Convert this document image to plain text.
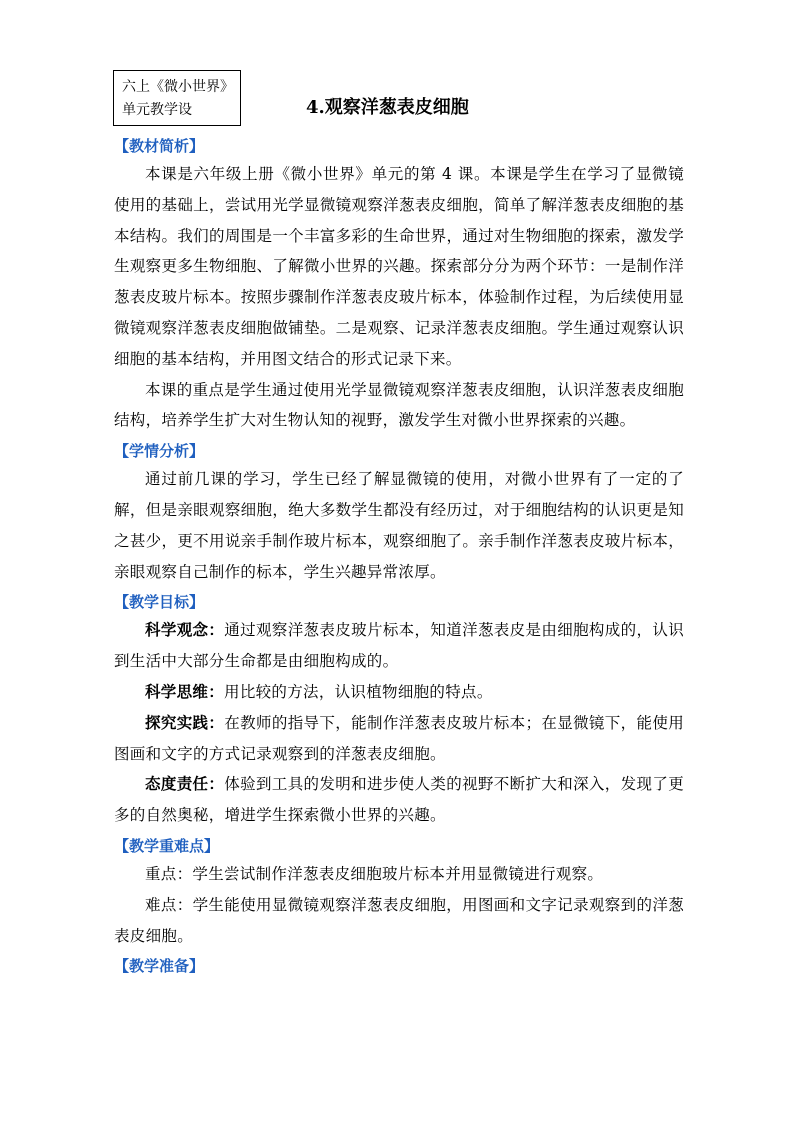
六上《微小世界》单元教学设	4.观察洋葱表皮细胞
【教材简析】

本课是六年级上册《微小世界》单元的第 4 课。本课是学生在学习了显微镜使用的基础上，尝试用光学显微镜观察洋葱表皮细胞，简单了解洋葱表皮细胞的基本结构。我们的周围是一个丰富多彩的生命世界，通过对生物细胞的探索，激发学生观察更多生物细胞、了解微小世界的兴趣。探索部分分为两个环节：一是制作洋葱表皮玻片标本。按照步骤制作洋葱表皮玻片标本，体验制作过程，为后续使用显微镜观察洋葱表皮细胞做铺垫。二是观察、记录洋葱表皮细胞。学生通过观察认识细胞的基本结构，并用图文结合的形式记录下来。

本课的重点是学生通过使用光学显微镜观察洋葱表皮细胞，认识洋葱表皮细胞结构，培养学生扩大对生物认知的视野，激发学生对微小世界探索的兴趣。

【学情分析】

通过前几课的学习，学生已经了解显微镜的使用，对微小世界有了一定的了解，但是亲眼观察细胞，绝大多数学生都没有经历过，对于细胞结构的认识更是知之甚少，更不用说亲手制作玻片标本，观察细胞了。亲手制作洋葱表皮玻片标本，亲眼观察自己制作的标本，学生兴趣异常浓厚。

【教学目标】

科学观念：通过观察洋葱表皮玻片标本，知道洋葱表皮是由细胞构成的，认识到生活中大部分生命都是由细胞构成的。

科学思维：用比较的方法，认识植物细胞的特点。

探究实践：在教师的指导下，能制作洋葱表皮玻片标本；在显微镜下，能使用图画和文字的方式记录观察到的洋葱表皮细胞。

态度责任：体验到工具的发明和进步使人类的视野不断扩大和深入，发现了更多的自然奥秘，增进学生探索微小世界的兴趣。

【教学重难点】

重点：学生尝试制作洋葱表皮细胞玻片标本并用显微镜进行观察。

难点：学生能使用显微镜观察洋葱表皮细胞，用图画和文字记录观察到的洋葱表皮细胞。

【教学准备】
